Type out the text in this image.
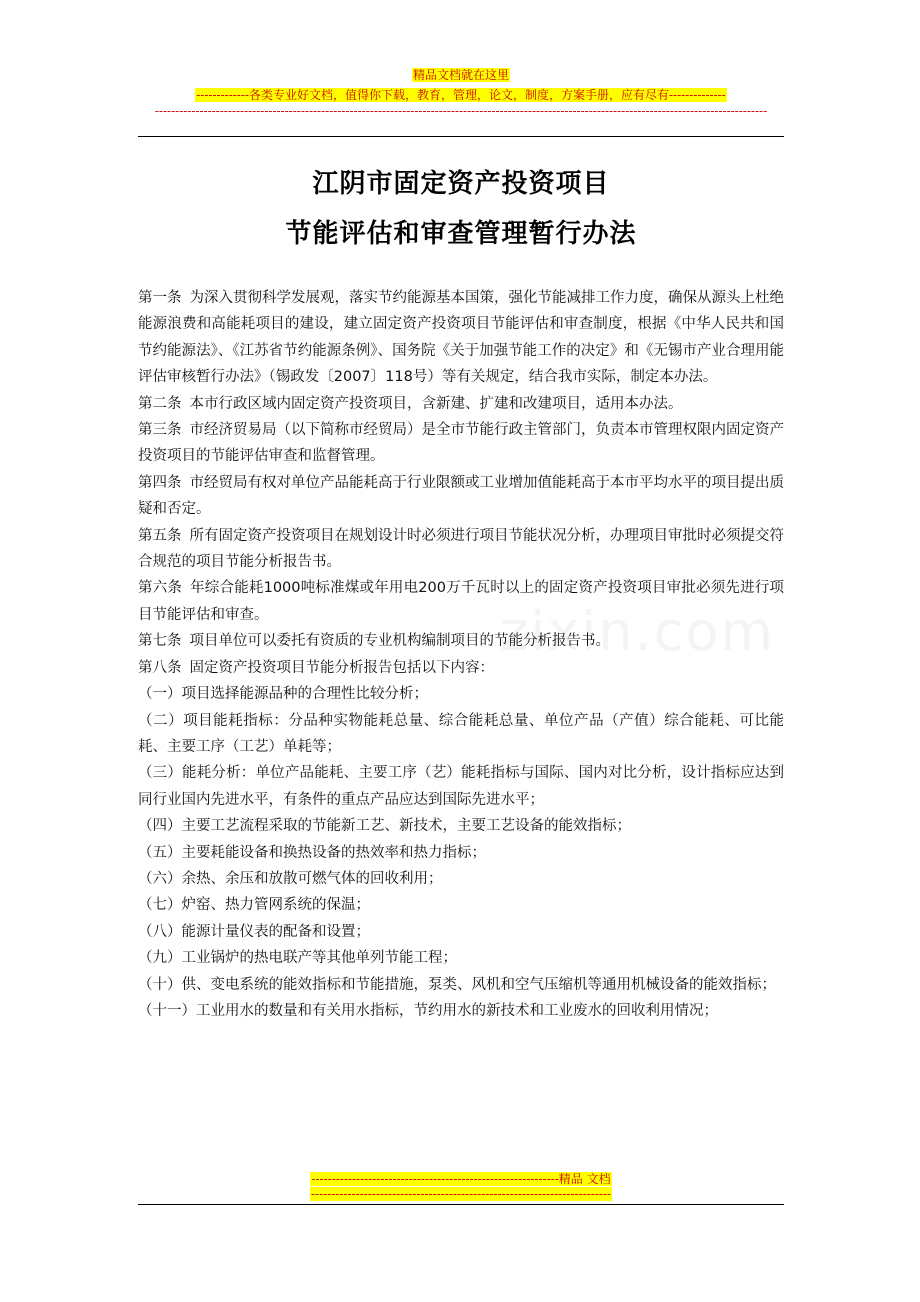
精品文档就在这里
-------------各类专业好文档，值得你下载，教育，管理，论文，制度，方案手册，应有尽有--------------
-------------------------------------------------------------------------------------------------------------------------------------------------------
zixin.com
江阴市固定资产投资项目
节能评估和审查管理暂行办法

第一条 为深入贯彻科学发展观，落实节约能源基本国策，强化节能减排工作力度，确保从源头上杜绝能源浪费和高能耗项目的建设，建立固定资产投资项目节能评估和审查制度，根据《中华人民共和国节约能源法》、《江苏省节约能源条例》、国务院《关于加强节能工作的决定》和《无锡市产业合理用能评估审核暂行办法》（锡政发〔2007〕118号）等有关规定，结合我市实际，制定本办法。

第二条 本市行政区域内固定资产投资项目，含新建、扩建和改建项目，适用本办法。

第三条 市经济贸易局（以下简称市经贸局）是全市节能行政主管部门，负责本市管理权限内固定资产投资项目的节能评估审查和监督管理。

第四条 市经贸局有权对单位产品能耗高于行业限额或工业增加值能耗高于本市平均水平的项目提出质疑和否定。

第五条 所有固定资产投资项目在规划设计时必须进行项目节能状况分析，办理项目审批时必须提交符合规范的项目节能分析报告书。

第六条 年综合能耗1000吨标准煤或年用电200万千瓦时以上的固定资产投资项目审批必须先进行项目节能评估和审查。

第七条 项目单位可以委托有资质的专业机构编制项目的节能分析报告书。

第八条 固定资产投资项目节能分析报告包括以下内容：

（一）项目选择能源品种的合理性比较分析；

（二）项目能耗指标：分品种实物能耗总量、综合能耗总量、单位产品（产值）综合能耗、可比能耗、主要工序（工艺）单耗等；

（三）能耗分析：单位产品能耗、主要工序（艺）能耗指标与国际、国内对比分析，设计指标应达到同行业国内先进水平，有条件的重点产品应达到国际先进水平；

（四）主要工艺流程采取的节能新工艺、新技术，主要工艺设备的能效指标；

（五）主要耗能设备和换热设备的热效率和热力指标；

（六）余热、余压和放散可燃气体的回收利用；

（七）炉窑、热力管网系统的保温；

（八）能源计量仪表的配备和设置；

（九）工业锅炉的热电联产等其他单列节能工程；

（十）供、变电系统的能效指标和节能措施，泵类、风机和空气压缩机等通用机械设备的能效指标；

（十一）工业用水的数量和有关用水指标，节约用水的新技术和工业废水的回收利用情况；

-------------------------------------------------------------精品 文档
--------------------------------------------------------------------------
